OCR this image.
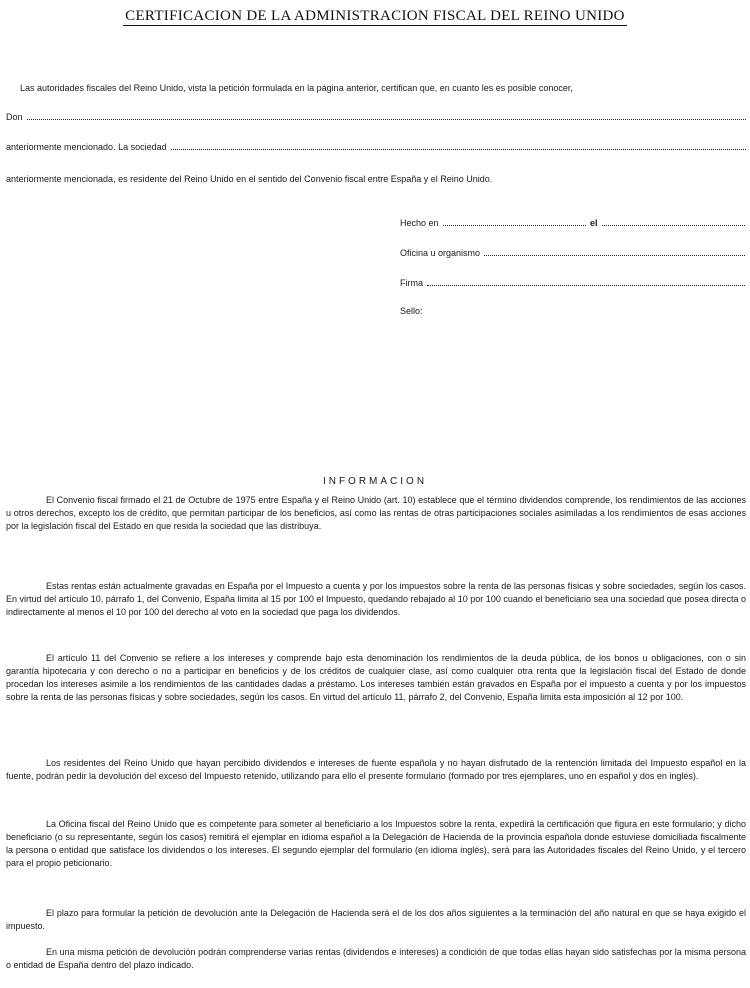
CERTIFICACION DE LA ADMINISTRACION FISCAL DEL REINO UNIDO
Las autoridades fiscales del Reino Unido, vista la petición formulada en la página anterior, certifican que, en cuanto les es posible conocer,
Don
anteriormente mencionado. La sociedad
anteriormente mencionada, es residente del Reino Unido en el sentido del Convenio fiscal entre España y el Reino Unido.
Hecho en	el
Oficina u organismo
Firma
Sello:
INFORMACION

El Convenio fiscal firmado el 21 de Octubre de 1975 entre España y el Reino Unido (art. 10) establece que el término dividendos comprende, los rendimientos de las acciones u otros derechos, excepto los de crédito, que permitan participar de los beneficios, así como las rentas de otras participaciones sociales asimiladas a los rendimientos de esas acciones por la legislación fiscal del Estado en que resida la sociedad que las distribuya.

Estas rentas están actualmente gravadas en España por el Impuesto a cuenta y por los impuestos sobre la renta de las personas físicas y sobre sociedades, según los casos. En virtud del artículo 10, párrafo 1, del Convenio, España limita al 15 por 100 el Impuesto, quedando rebajado al 10 por 100 cuando el beneficiario sea una sociedad que posea directa o indirectamente al menos el 10 por 100 del derecho al voto en la sociedad que paga los dividendos.

El artículo 11 del Convenio se refiere a los intereses y comprende bajo esta denominación los rendimientos de la deuda pública, de los bonos u obligaciones, con o sin garantía hipotecaria y con derecho o no a participar en beneficios y de los créditos de cualquier clase, así como cualquier otra renta que la legislación fiscal del Estado de donde procedan los intereses asimile a los rendimientos de las cantidades dadas a préstamo. Los intereses también están gravados en España por el impuesto a cuenta y por los impuestos sobre la renta de las personas físicas y sobre sociedades, según los casos. En virtud del artículo 11, párrafo 2, del Convenio, España limita esta imposición al 12 por 100.

Los residentes del Reino Unido que hayan percibido dividendos e intereses de fuente española y no hayan disfrutado de la rentención limitada del Impuesto español en la fuente, podrán pedir la devolución del exceso del Impuesto retenido, utilizando para ello el presente formulario (formado por tres ejemplares, uno en español y dos en inglés).

La Oficina fiscal del Reino Unido que es competente para someter al beneficiario a los Impuestos sobre la renta, expedirá la certificación que figura en este formulario; y dicho beneficiario (o su representante, según los casos) remitirá el ejemplar en idioma español a la Delegación de Hacienda de la provincia española donde estuviese domiciliada fiscalmente la persona o entidad que satisface los dividendos o los intereses. El segundo ejemplar del formulario (en idioma inglés), será para las Autoridades fiscales del Reino Unido, y el tercero para el propio peticionario.

El plazo para formular la petición de devolución ante la Delegación de Hacienda será el de los dos años siguientes a la terminación del año natural en que se haya exigido el impuesto.

En una misma petición de devolución podrán comprenderse varias rentas (dividendos e intereses) a condición de que todas ellas hayan sido satisfechas por la misma persona o entidad de España dentro del plazo indicado.
